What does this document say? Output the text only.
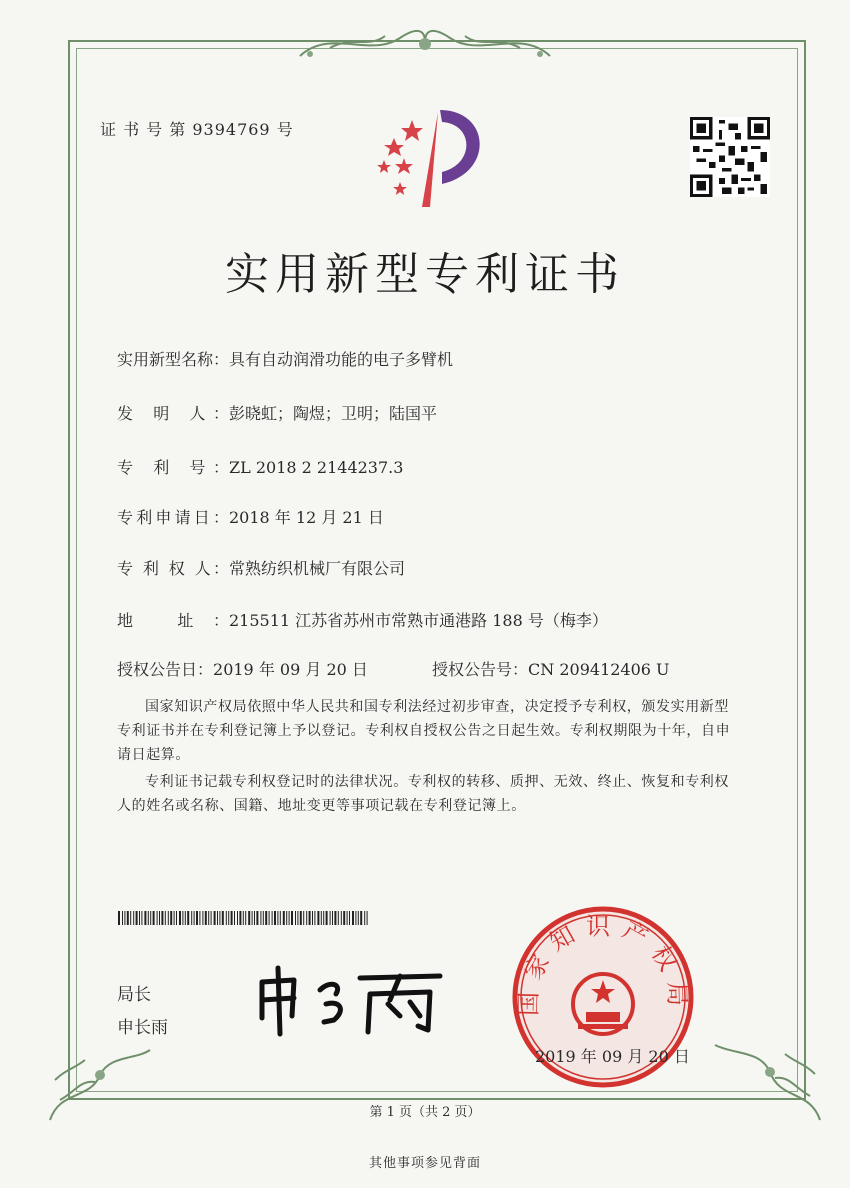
证 书 号 第 9394769 号
实用新型专利证书
实用新型名称：具有自动润滑功能的电子多臂机
发 明 人：彭晓虹；陶煜；卫明；陆国平
专 利 号：ZL 2018 2 2144237.3
专利申请日：2018 年 12 月 21 日
专 利 权 人：常熟纺织机械厂有限公司
地 址：215511 江苏省苏州市常熟市通港路 188 号（梅李）
授权公告日：2019 年 09 月 20 日	授权公告号：CN 209412406 U
国家知识产权局依照中华人民共和国专利法经过初步审查，决定授予专利权，颁发实用新型专利证书并在专利登记簿上予以登记。专利权自授权公告之日起生效。专利权期限为十年，自申请日起算。
专利证书记载专利权登记时的法律状况。专利权的转移、质押、无效、终止、恢复和专利权人的姓名或名称、国籍、地址变更等事项记载在专利登记簿上。
局长
申长雨
国家知识产权局
2019 年 09 月 20 日
第 1 页（共 2 页）
其他事项参见背面
